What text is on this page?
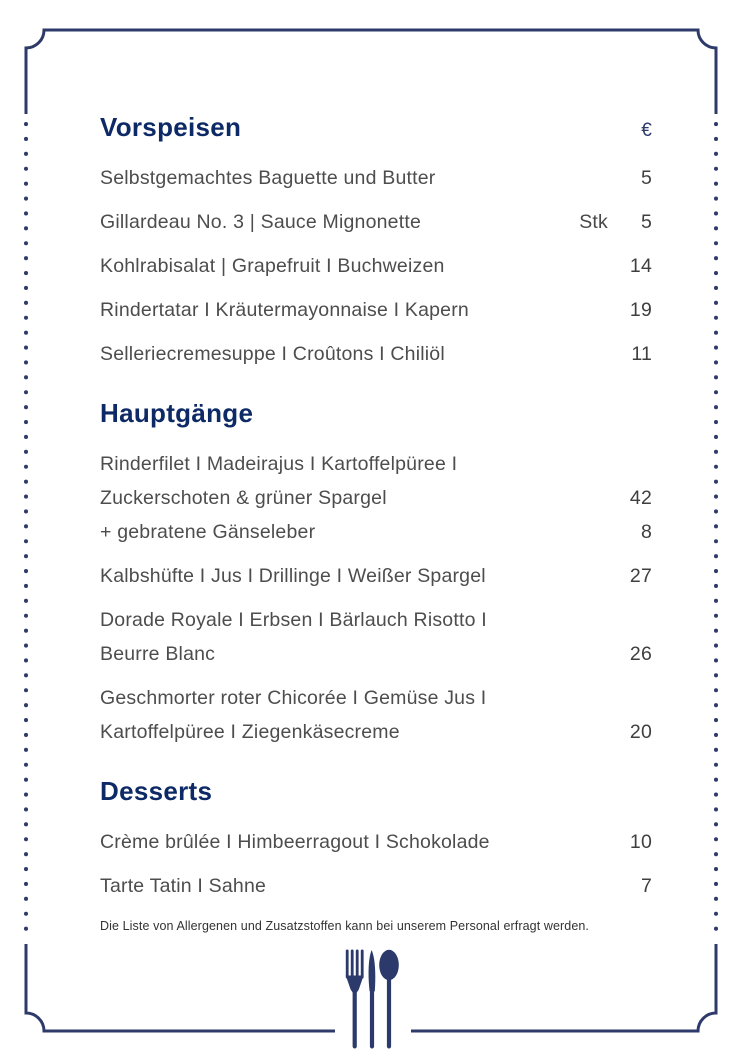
Vorspeisen	€
Selbstgemachtes Baguette und Butter	5
Gillardeau No. 3 | Sauce Mignonette	Stk	5
Kohlrabisalat | Grapefruit I Buchweizen	14
Rindertatar I Kräutermayonnaise I Kapern	19
Selleriecremesuppe I Croûtons I Chiliöl	11
Hauptgänge
Rinderfilet I Madeirajus I Kartoffelpüree I
Zuckerschoten & grüner Spargel	42
+ gebratene Gänseleber	8
Kalbshüfte I Jus I Drillinge I Weißer Spargel	27
Dorade Royale I Erbsen I Bärlauch Risotto I
Beurre Blanc	26
Geschmorter roter Chicorée I Gemüse Jus I
Kartoffelpüree I Ziegenkäsecreme	20
Desserts
Crème brûlée I Himbeerragout I Schokolade	10
Tarte Tatin I Sahne	7

Die Liste von Allergenen und Zusatzstoffen kann bei unserem Personal erfragt werden.
